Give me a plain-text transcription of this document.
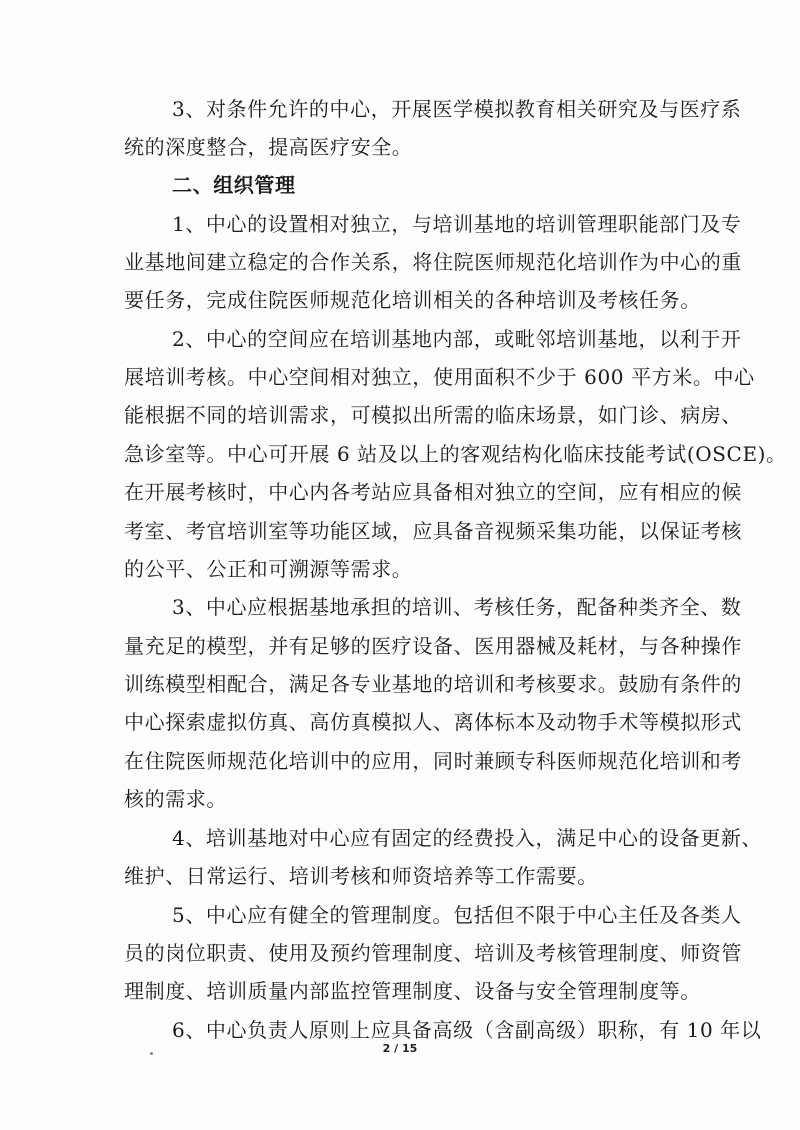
3、对条件允许的中心，开展医学模拟教育相关研究及与医疗系
统的深度整合，提高医疗安全。
二、组织管理
1、中心的设置相对独立，与培训基地的培训管理职能部门及专
业基地间建立稳定的合作关系，将住院医师规范化培训作为中心的重
要任务，完成住院医师规范化培训相关的各种培训及考核任务。
2、中心的空间应在培训基地内部，或毗邻培训基地，以利于开
展培训考核。中心空间相对独立，使用面积不少于 600 平方米。中心
能根据不同的培训需求，可模拟出所需的临床场景，如门诊、病房、
急诊室等。中心可开展 6 站及以上的客观结构化临床技能考试(OSCE)。
在开展考核时，中心内各考站应具备相对独立的空间，应有相应的候
考室、考官培训室等功能区域，应具备音视频采集功能，以保证考核
的公平、公正和可溯源等需求。
3、中心应根据基地承担的培训、考核任务，配备种类齐全、数
量充足的模型，并有足够的医疗设备、医用器械及耗材，与各种操作
训练模型相配合，满足各专业基地的培训和考核要求。鼓励有条件的
中心探索虚拟仿真、高仿真模拟人、离体标本及动物手术等模拟形式
在住院医师规范化培训中的应用，同时兼顾专科医师规范化培训和考
核的需求。
4、培训基地对中心应有固定的经费投入，满足中心的设备更新、
维护、日常运行、培训考核和师资培养等工作需要。
5、中心应有健全的管理制度。包括但不限于中心主任及各类人
员的岗位职责、使用及预约管理制度、培训及考核管理制度、师资管
理制度、培训质量内部监控管理制度、设备与安全管理制度等。
6、中心负责人原则上应具备高级（含副高级）职称，有 10 年以
2 / 15
